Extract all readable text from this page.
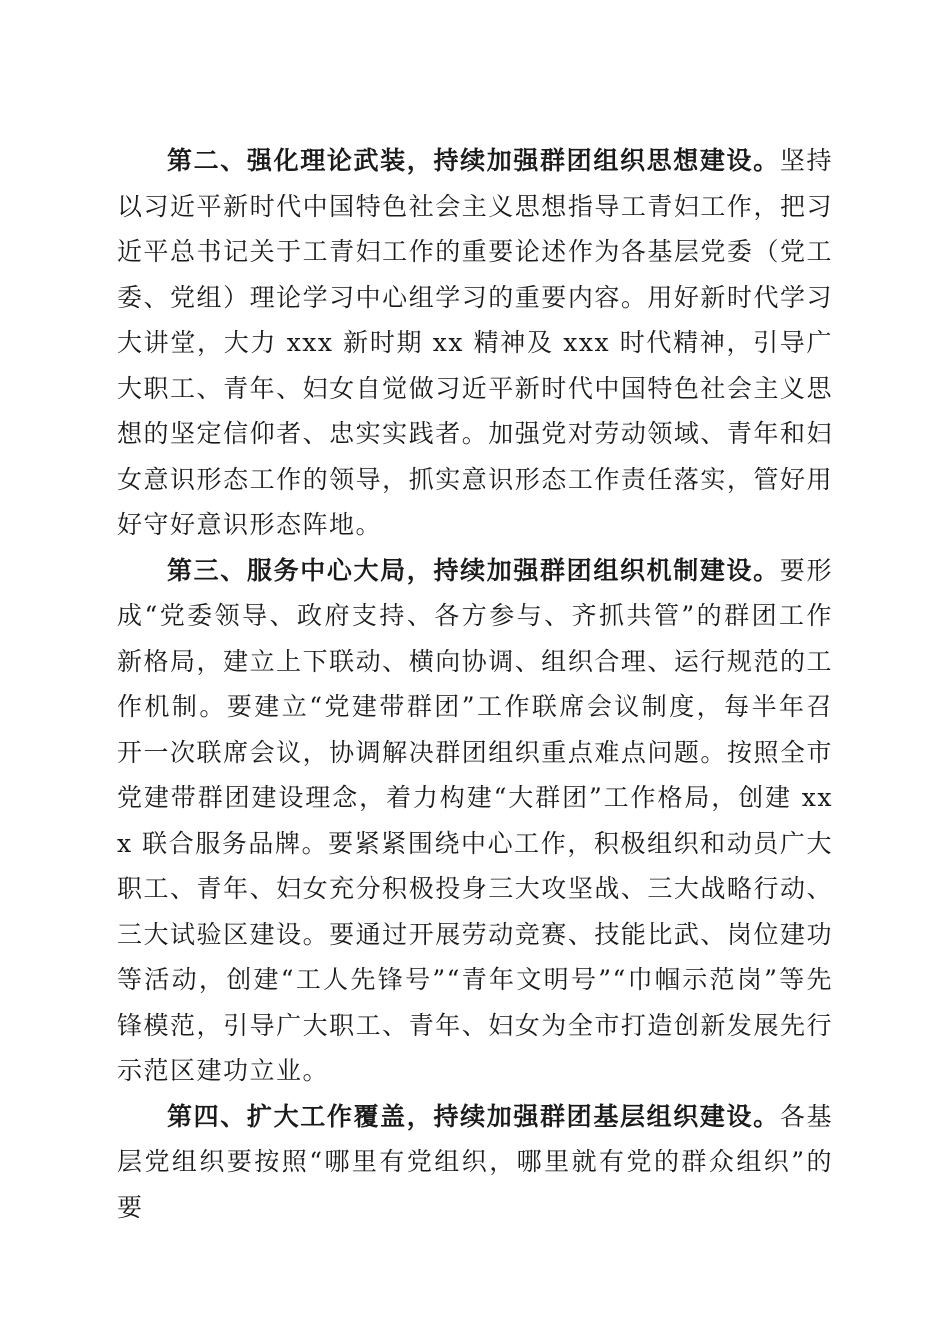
第二、强化理论武装，持续加强群团组织思想建设。坚持以习近平新时代中国特色社会主义思想指导工青妇工作，把习近平总书记关于工青妇工作的重要论述作为各基层党委（党工委、党组）理论学习中心组学习的重要内容。用好新时代学习大讲堂，大力 xxx 新时期 xx 精神及 xxx 时代精神，引导广大职工、青年、妇女自觉做习近平新时代中国特色社会主义思想的坚定信仰者、忠实实践者。加强党对劳动领域、青年和妇女意识形态工作的领导，抓实意识形态工作责任落实，管好用好守好意识形态阵地。

第三、服务中心大局，持续加强群团组织机制建设。要形成“党委领导、政府支持、各方参与、齐抓共管”的群团工作新格局，建立上下联动、横向协调、组织合理、运行规范的工作机制。要建立“党建带群团”工作联席会议制度，每半年召开一次联席会议，协调解决群团组织重点难点问题。按照全市党建带群团建设理念，着力构建“大群团”工作格局，创建 xxx 联合服务品牌。要紧紧围绕中心工作，积极组织和动员广大职工、青年、妇女充分积极投身三大攻坚战、三大战略行动、三大试验区建设。要通过开展劳动竞赛、技能比武、岗位建功等活动，创建“工人先锋号”“青年文明号”“巾帼示范岗”等先锋模范，引导广大职工、青年、妇女为全市打造创新发展先行示范区建功立业。

第四、扩大工作覆盖，持续加强群团基层组织建设。各基层党组织要按照“哪里有党组织，哪里就有党的群众组织”的要
